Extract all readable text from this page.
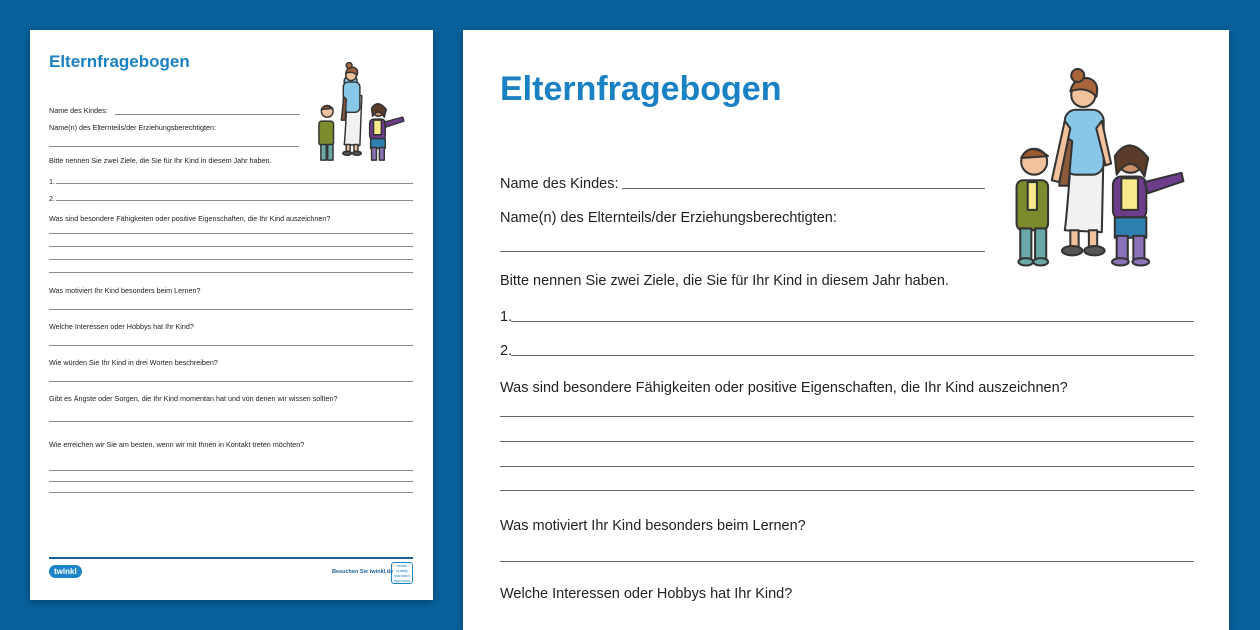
Elternfragebogen
Name des Kindes:
Name(n) des Elternteils/der Erziehungsberechtigten:
Bitte nennen Sie zwei Ziele, die Sie für Ihr Kind in diesem Jahr haben.
1.
2.
Was sind besondere Fähigkeiten oder positive Eigenschaften, die Ihr Kind auszeichnen?
Was motiviert Ihr Kind besonders beim Lernen?
Welche Interessen oder Hobbys hat Ihr Kind?
Wie würden Sie Ihr Kind in drei Worten beschreiben?
Gibt es Ängste oder Sorgen, die Ihr Kind momentan hat und von denen wir wissen sollten?
Wie erreichen wir Sie am besten, wenn wir mit Ihnen in Kontakt treten möchten?
twinkl	Besuchen Sie twinkl.de
twinkl quality standard approved
Elternfragebogen
Name des Kindes:
Name(n) des Elternteils/der Erziehungsberechtigten:
Bitte nennen Sie zwei Ziele, die Sie für Ihr Kind in diesem Jahr haben.
1.
2.
Was sind besondere Fähigkeiten oder positive Eigenschaften, die Ihr Kind auszeichnen?
Was motiviert Ihr Kind besonders beim Lernen?
Welche Interessen oder Hobbys hat Ihr Kind?
